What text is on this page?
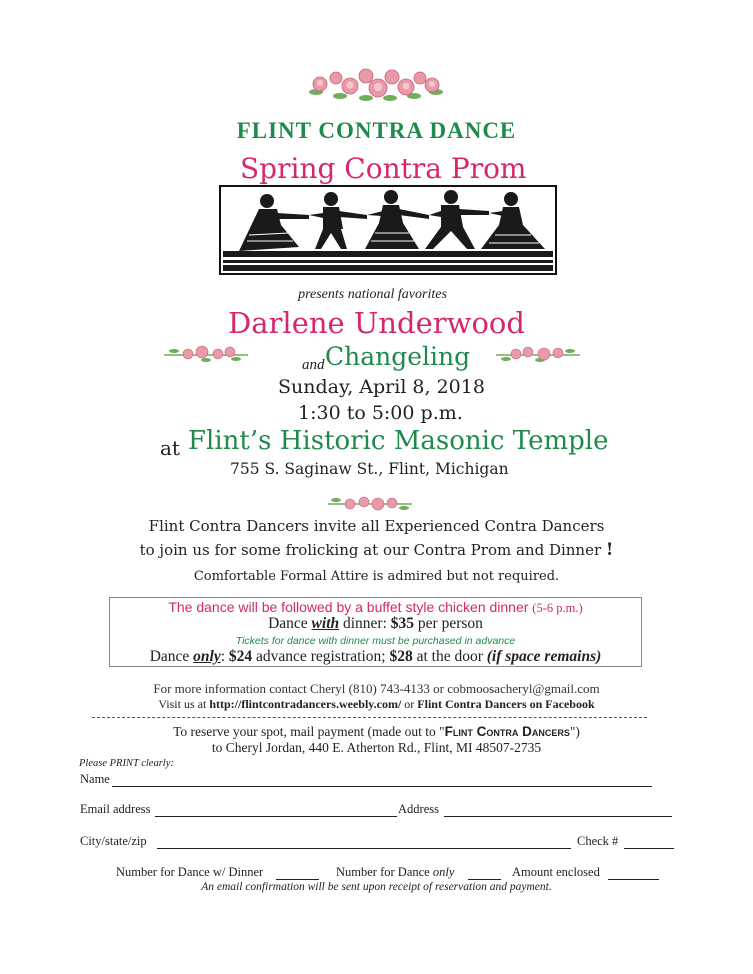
FLINT CONTRA DANCE
Spring Contra Prom
presents national favorites
Darlene Underwood
and Changeling
Sunday, April 8, 2018
1:30 to 5:00 p.m.
at Flint’s Historic Masonic Temple
755 S. Saginaw St., Flint, Michigan
Flint Contra Dancers invite all Experienced Contra Dancers
to join us for some frolicking at our Contra Prom and Dinner !
Comfortable Formal Attire is admired but not required.
The dance will be followed by a buffet style chicken dinner (5-6 p.m.)
Dance with dinner: $35 per person
Tickets for dance with dinner must be purchased in advance
Dance only: $24 advance registration; $28 at the door (if space remains)
For more information contact Cheryl (810) 743-4133 or cobmoosacheryl@gmail.com
Visit us at http://flintcontradancers.weebly.com/ or Flint Contra Dancers on Facebook
To reserve your spot, mail payment (made out to "Flint Contra Dancers")
to Cheryl Jordan, 440 E. Atherton Rd., Flint, MI 48507-2735
Please PRINT clearly:
Name
Email address	Address
City/state/zip	Check #
Number for Dance w/ Dinner	Number for Dance only	Amount enclosed
An email confirmation will be sent upon receipt of reservation and payment.
